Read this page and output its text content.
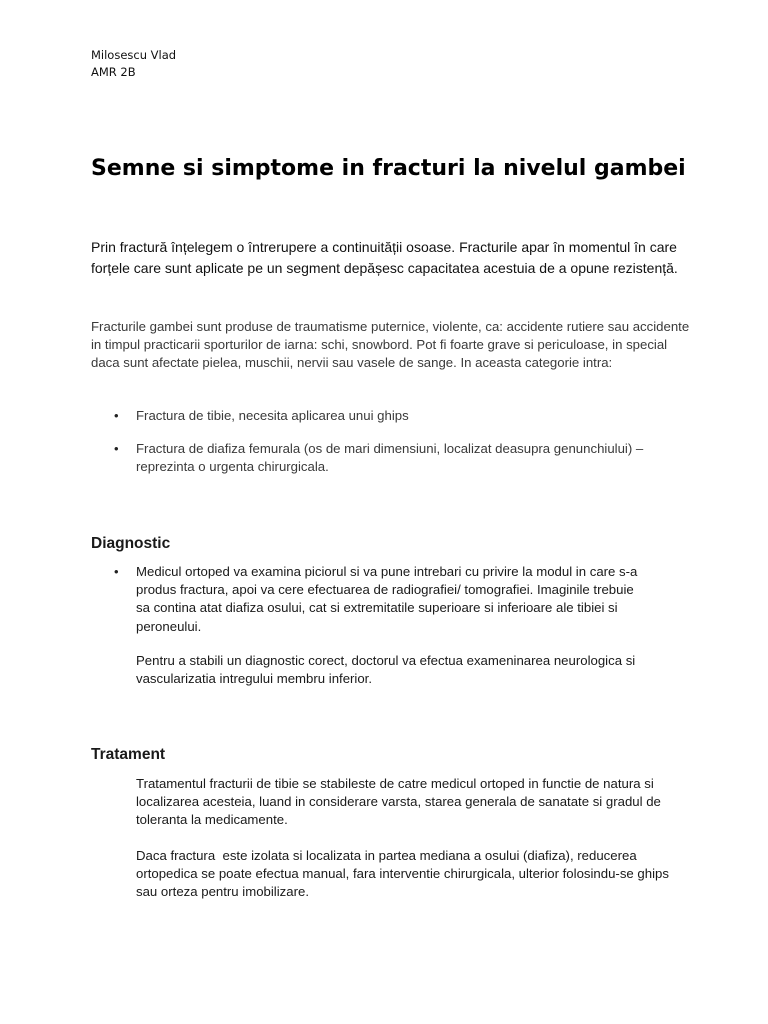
Milosescu Vlad
AMR 2B
Semne si simptome in fracturi la nivelul gambei

Prin fractură înțelegem o întrerupere a continuității osoase. Fracturile apar în momentul în care forțele care sunt aplicate pe un segment depășesc capacitatea acestuia de a opune rezistență.

Fracturile gambei sunt produse de traumatisme puternice, violente, ca: accidente rutiere sau accidente in timpul practicarii sporturilor de iarna: schi, snowbord. Pot fi foarte grave si periculoase, in special daca sunt afectate pielea, muschii, nervii sau vasele de sange. In aceasta categorie intra:

• Fractura de tibie, necesita aplicarea unui ghips
• Fractura de diafiza femurala (os de mari dimensiuni, localizat deasupra genunchiului) – reprezinta o urgenta chirurgicala.
Diagnostic
• Medicul ortoped va examina piciorul si va pune intrebari cu privire la modul in care s-a produs fractura, apoi va cere efectuarea de radiografiei/ tomografiei. Imaginile trebuie sa contina atat diafiza osului, cat si extremitatile superioare si inferioare ale tibiei si peroneului.

Pentru a stabili un diagnostic corect, doctorul va efectua exameninarea neurologica si vascularizatia intregului membru inferior.

Tratament

Tratamentul fracturii de tibie se stabileste de catre medicul ortoped in functie de natura si localizarea acesteia, luand in considerare varsta, starea generala de sanatate si gradul de toleranta la medicamente.

Daca fractura  este izolata si localizata in partea mediana a osului (diafiza), reducerea ortopedica se poate efectua manual, fara interventie chirurgicala, ulterior folosindu-se ghips sau orteza pentru imobilizare.
